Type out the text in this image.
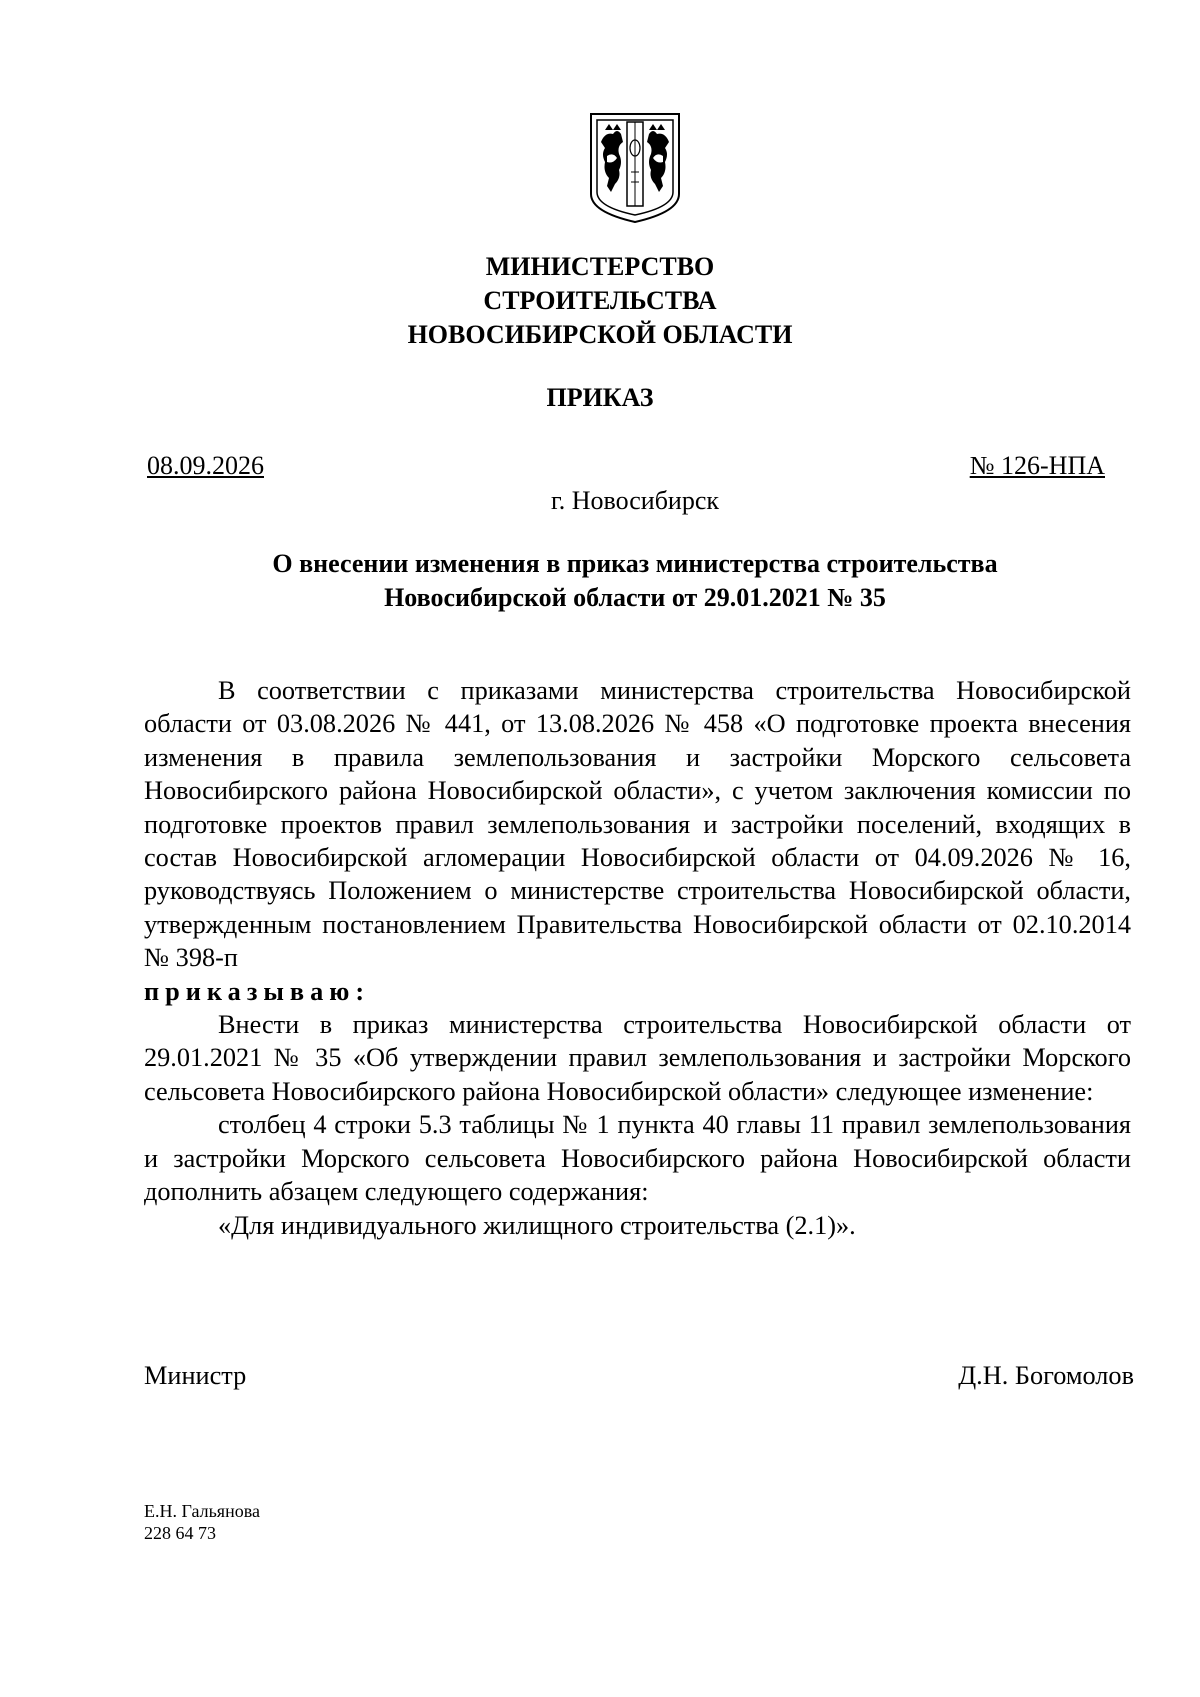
МИНИСТЕРСТВО
СТРОИТЕЛЬСТВА
НОВОСИБИРСКОЙ ОБЛАСТИ
ПРИКАЗ
08.09.2026	№ 126-НПА
г. Новосибирск
О внесении изменения в приказ министерства строительства
Новосибирской области от 29.01.2021 № 35

В соответствии с приказами министерства строительства Новосибирской области от 03.08.2026 № 441, от 13.08.2026 № 458 «О подготовке проекта внесения изменения в правила землепользования и застройки Морского сельсовета Новосибирского района Новосибирской области», с учетом заключения комиссии по подготовке проектов правил землепользования и застройки поселений, входящих в состав Новосибирской агломерации Новосибирской области от 04.09.2026 № 16, руководствуясь Положением о министерстве строительства Новосибирской области, утвержденным постановлением Правительства Новосибирской области от 02.10.2014 № 398-п

приказываю:

Внести в приказ министерства строительства Новосибирской области от 29.01.2021 № 35 «Об утверждении правил землепользования и застройки Морского сельсовета Новосибирского района Новосибирской области» следующее изменение:

столбец 4 строки 5.3 таблицы № 1 пункта 40 главы 11 правил землепользования и застройки Морского сельсовета Новосибирского района Новосибирской области дополнить абзацем следующего содержания:

«Для индивидуального жилищного строительства (2.1)».

Министр	Д.Н. Богомолов
Е.Н. Гальянова
228 64 73
